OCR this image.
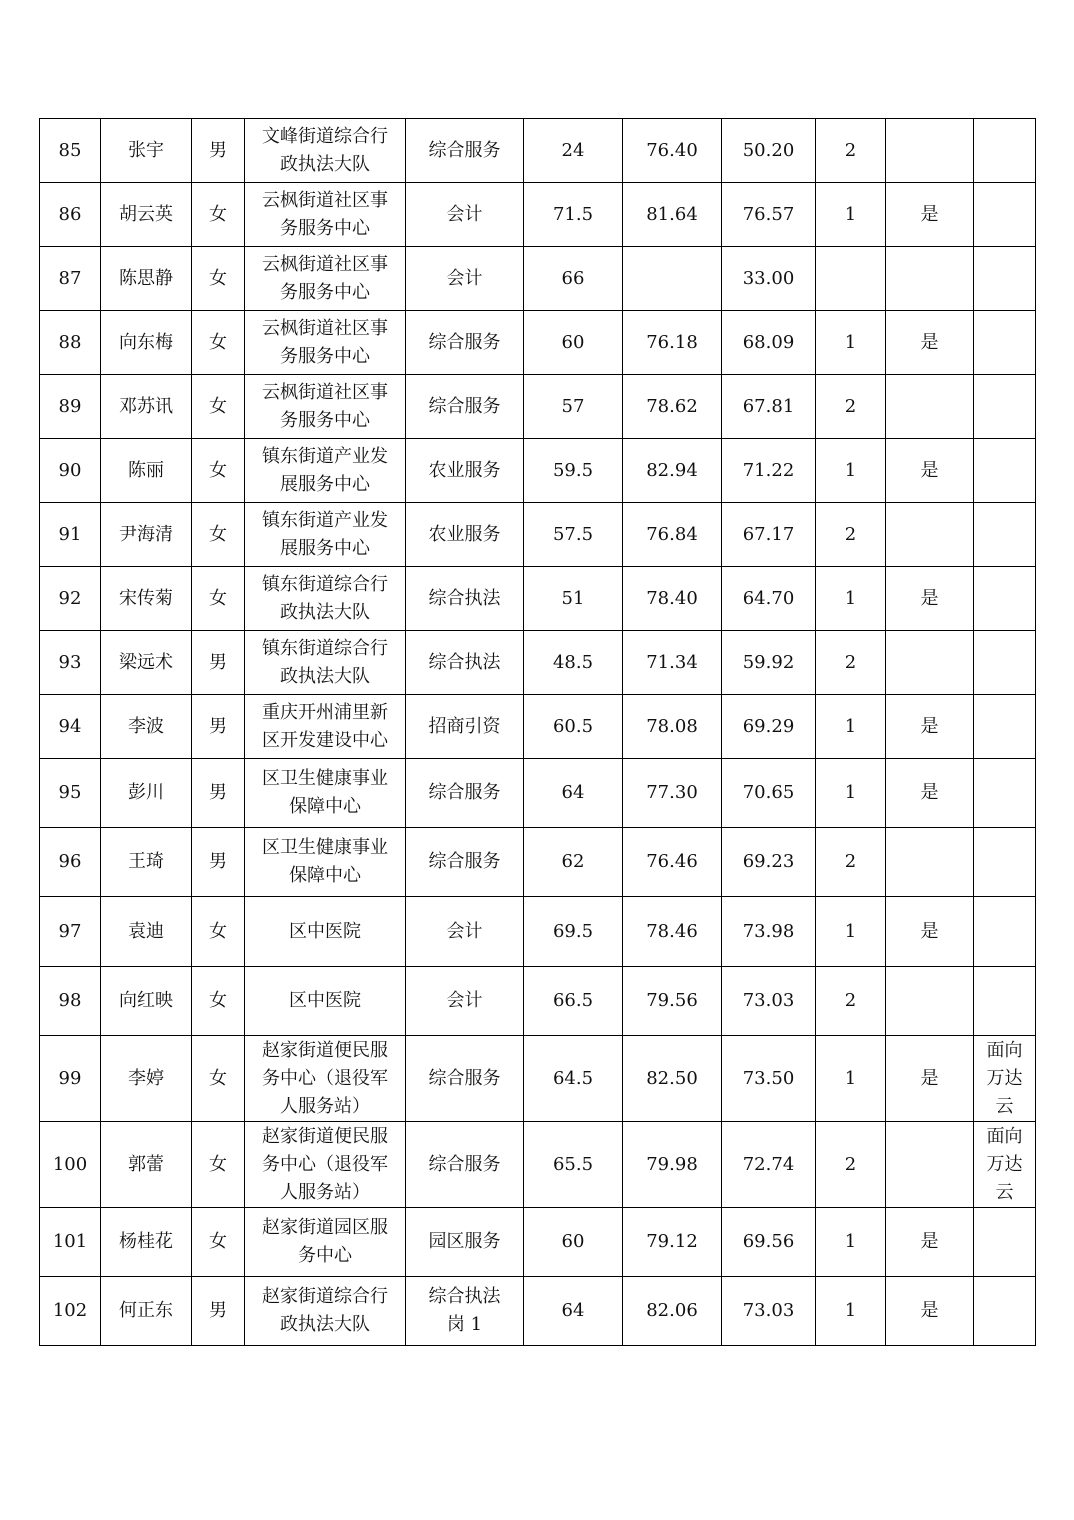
85	张宇	男	文峰街道综合行
政执法大队	综合服务	24	76.40	50.20	2		
86	胡云英	女	云枫街道社区事
务服务中心	会计	71.5	81.64	76.57	1	是	
87	陈思静	女	云枫街道社区事
务服务中心	会计	66		33.00			
88	向东梅	女	云枫街道社区事
务服务中心	综合服务	60	76.18	68.09	1	是	
89	邓苏讯	女	云枫街道社区事
务服务中心	综合服务	57	78.62	67.81	2		
90	陈丽	女	镇东街道产业发
展服务中心	农业服务	59.5	82.94	71.22	1	是	
91	尹海清	女	镇东街道产业发
展服务中心	农业服务	57.5	76.84	67.17	2		
92	宋传菊	女	镇东街道综合行
政执法大队	综合执法	51	78.40	64.70	1	是	
93	梁远术	男	镇东街道综合行
政执法大队	综合执法	48.5	71.34	59.92	2		
94	李波	男	重庆开州浦里新
区开发建设中心	招商引资	60.5	78.08	69.29	1	是	
95	彭川	男	区卫生健康事业
保障中心	综合服务	64	77.30	70.65	1	是	
96	王琦	男	区卫生健康事业
保障中心	综合服务	62	76.46	69.23	2		
97	袁迪	女	区中医院	会计	69.5	78.46	73.98	1	是	
98	向红映	女	区中医院	会计	66.5	79.56	73.03	2		
99	李婷	女	赵家街道便民服
务中心（退役军
人服务站）	综合服务	64.5	82.50	73.50	1	是	面向
万达
云
100	郭蕾	女	赵家街道便民服
务中心（退役军
人服务站）	综合服务	65.5	79.98	72.74	2		面向
万达
云
101	杨桂花	女	赵家街道园区服
务中心	园区服务	60	79.12	69.56	1	是	
102	何正东	男	赵家街道综合行
政执法大队	综合执法
岗 1	64	82.06	73.03	1	是	
